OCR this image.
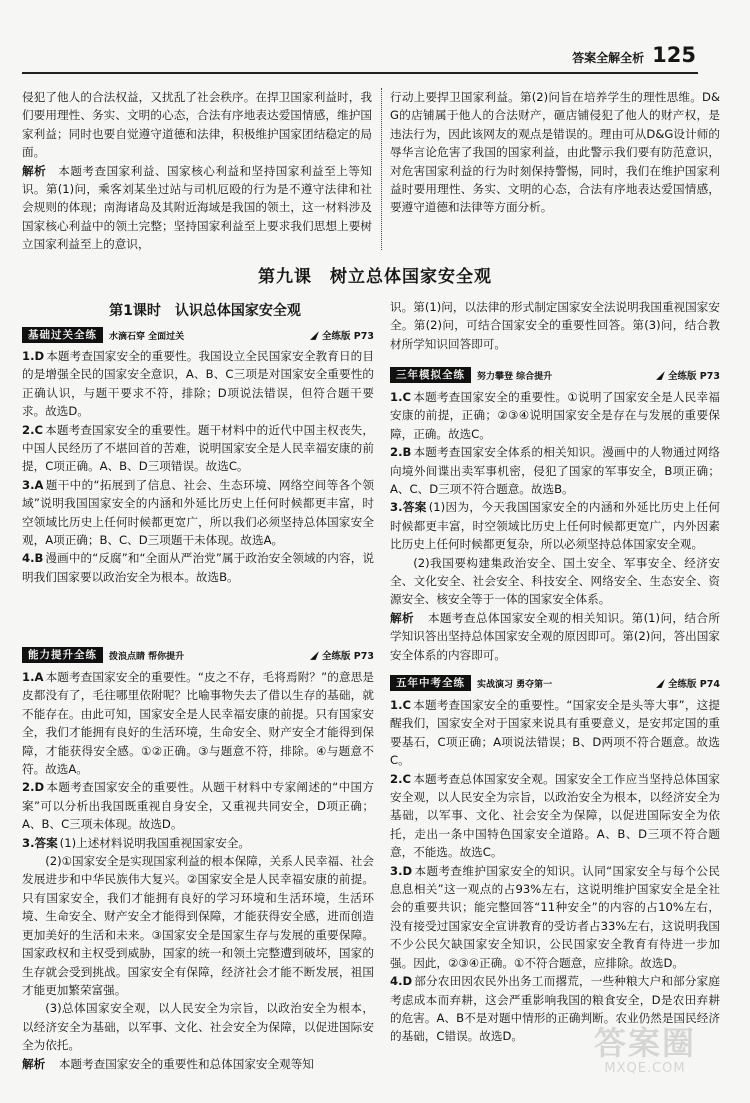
答案全解全析 125

侵犯了他人的合法权益，又扰乱了社会秩序。在捍卫国家利益时，我们要用理性、务实、文明的心态，合法有序地表达爱国情感，维护国家利益；同时也要自觉遵守道德和法律，积极维护国家团结稳定的局面。

解析　 本题考查国家利益、国家核心利益和坚持国家利益至上等知识。第(1)问，乘客刘某坐过站与司机厄殴的行为是不遵守法律和社会规则的体现；南海诸岛及其附近海域是我国的领土，这一材料涉及国家核心利益中的领土完整；坚持国家利益至上要求我们思想上要树立国家利益至上的意识，

行动上要捍卫国家利益。第(2)问旨在培养学生的理性思维。D&G的店铺属于他人的合法财产，砸店铺侵犯了他人的财产权，是违法行为，因此该网友的观点是错误的。理由可从D&G设计师的辱华言论危害了我国的国家利益，由此警示我们要有防范意识，对危害国家利益的行为时刻保持警惕，同时，我们在维护国家利益时要用理性、务实、文明的心态，合法有序地表达爱国情感，要遵守道德和法律等方面分析。

第九课　树立总体国家安全观
第1课时　认识总体国家安全观
基础过关全练	水滴石穿 全面过关	全练版 P73

1.D 本题考查国家安全的重要性。我国设立全民国家安全教育日的目的是增强全民的国家安全意识，A、B、C三项是对国家安全重要性的正确认识，与题干要求不符，排除；D项说法错误，但符合题干要求。故选D。

2.C 本题考查国家安全的重要性。题干材料中的近代中国主权丧失，中国人民经历了不堪回首的苦难，说明国家安全是人民幸福安康的前提，C项正确。A、B、D三项错误。故选C。

3.A 题干中的“拓展到了信息、社会、生态环境、网络空间等各个领域”说明我国国家安全的内涵和外延比历史上任何时候都更丰富，时空领域比历史上任何时候都更宽广，所以我们必须坚持总体国家安全观，A项正确；B、C、D三项题干未体现。故选A。

4.B 漫画中的“反腐”和“全面从严治党”属于政治安全领域的内容，说明我们国家要以政治安全为根本。故选B。

能力提升全练	拨浪点睛 帮你提升	全练版 P73

1.A 本题考查国家安全的重要性。“皮之不存，毛将焉附？”的意思是皮都没有了，毛往哪里依附呢？比喻事物失去了借以生存的基础，就不能存在。由此可知，国家安全是人民幸福安康的前提。只有国家安全，我们才能拥有良好的生活环境，生命安全、财产安全才能得到保障，才能获得安全感。①②正确。③与题意不符，排除。④与题意不符。故选A。

2.D 本题考查国家安全的重要性。从题干材料中专家阐述的“中国方案”可以分析出我国既重视自身安全，又重视共同安全，D项正确；A、B、C三项未体现。故选D。

3.答案 (1)上述材料说明我国重视国家安全。

(2)①国家安全是实现国家利益的根本保障，关系人民幸福、社会发展进步和中华民族伟大复兴。②国家安全是人民幸福安康的前提。只有国家安全，我们才能拥有良好的学习环境和生活环境，生活环境、生命安全、财产安全才能得到保障，才能获得安全感，进而创造更加美好的生活和未来。③国家安全是国家生存与发展的重要保障。国家政权和主权受到威胁，国家的统一和领土完整遭到破坏，国家的生存就会受到挑战。国家安全有保障，经济社会才能不断发展，祖国才能更加繁荣富强。

(3)总体国家安全观，以人民安全为宗旨，以政治安全为根本，以经济安全为基础，以军事、文化、社会安全为保障，以促进国际安全为依托。

解析　 本题考查国家安全的重要性和总体国家安全观等知

识。第(1)问，以法律的形式制定国家安全法说明我国重视国家安全。第(2)问，可结合国家安全的重要性回答。第(3)问，结合教材所学知识回答即可。

三年模拟全练	努力攀登 综合提升	全练版 P73

1.C 本题考查国家安全的重要性。①说明了国家安全是人民幸福安康的前提，正确；②③④说明国家安全是存在与发展的重要保障，正确。故选C。

2.B 本题考查国家安全体系的相关知识。漫画中的人物通过网络向境外间谍出卖军事机密，侵犯了国家的军事安全，B项正确；A、C、D三项不符合题意。故选B。

3.答案 (1)因为，今天我国国家安全的内涵和外延比历史上任何时候都更丰富，时空领域比历史上任何时候都更宽广，内外因素比历史上任何时候都更复杂，所以必须坚持总体国家安全观。

(2)我国要构建集政治安全、国土安全、军事安全、经济安全、文化安全、社会安全、科技安全、网络安全、生态安全、资源安全、核安全等于一体的国家安全体系。

解析　 本题考查总体国家安全观的相关知识。第(1)问，结合所学知识答出坚持总体国家安全观的原因即可。第(2)问，答出国家安全体系的内容即可。

五年中考全练	实战演习 勇夺第一	全练版 P74

1.C 本题考查国家安全的重要性。“国家安全是头等大事”，这提醒我们，国家安全对于国家来说具有重要意义，是安邦定国的重要基石，C项正确；A项说法错误；B、D两项不符合题意。故选C。

2.C 本题考查总体国家安全观。国家安全工作应当坚持总体国家安全观，以人民安全为宗旨，以政治安全为根本，以经济安全为基础，以军事、文化、社会安全为保障，以促进国际安全为依托，走出一条中国特色国家安全道路。A、B、D三项不符合题意，不能选。故选C。

3.D 本题考查维护国家安全的知识。认同“国家安全与每个公民息息相关”这一观点的占93%左右，这说明维护国家安全是全社会的重要共识；能完整回答“11种安全”的内容的占10%左右，没有接受过国家安全宣讲教育的受访者占33%左右，这说明我国不少公民欠缺国家安全知识，公民国家安全教育有待进一步加强。因此，②③④正确。①不符合题意，应排除。故选D。

4.D 部分农田因农民外出务工而撂荒，一些种粮大户和部分家庭考虑成本而弃耕，这会严重影响我国的粮食安全，D是农田弃耕的危害。A、B不是对题中情形的正确判断。农业仍然是国民经济的基础，C错误。故选D。	答案圈
MXQE.COM
